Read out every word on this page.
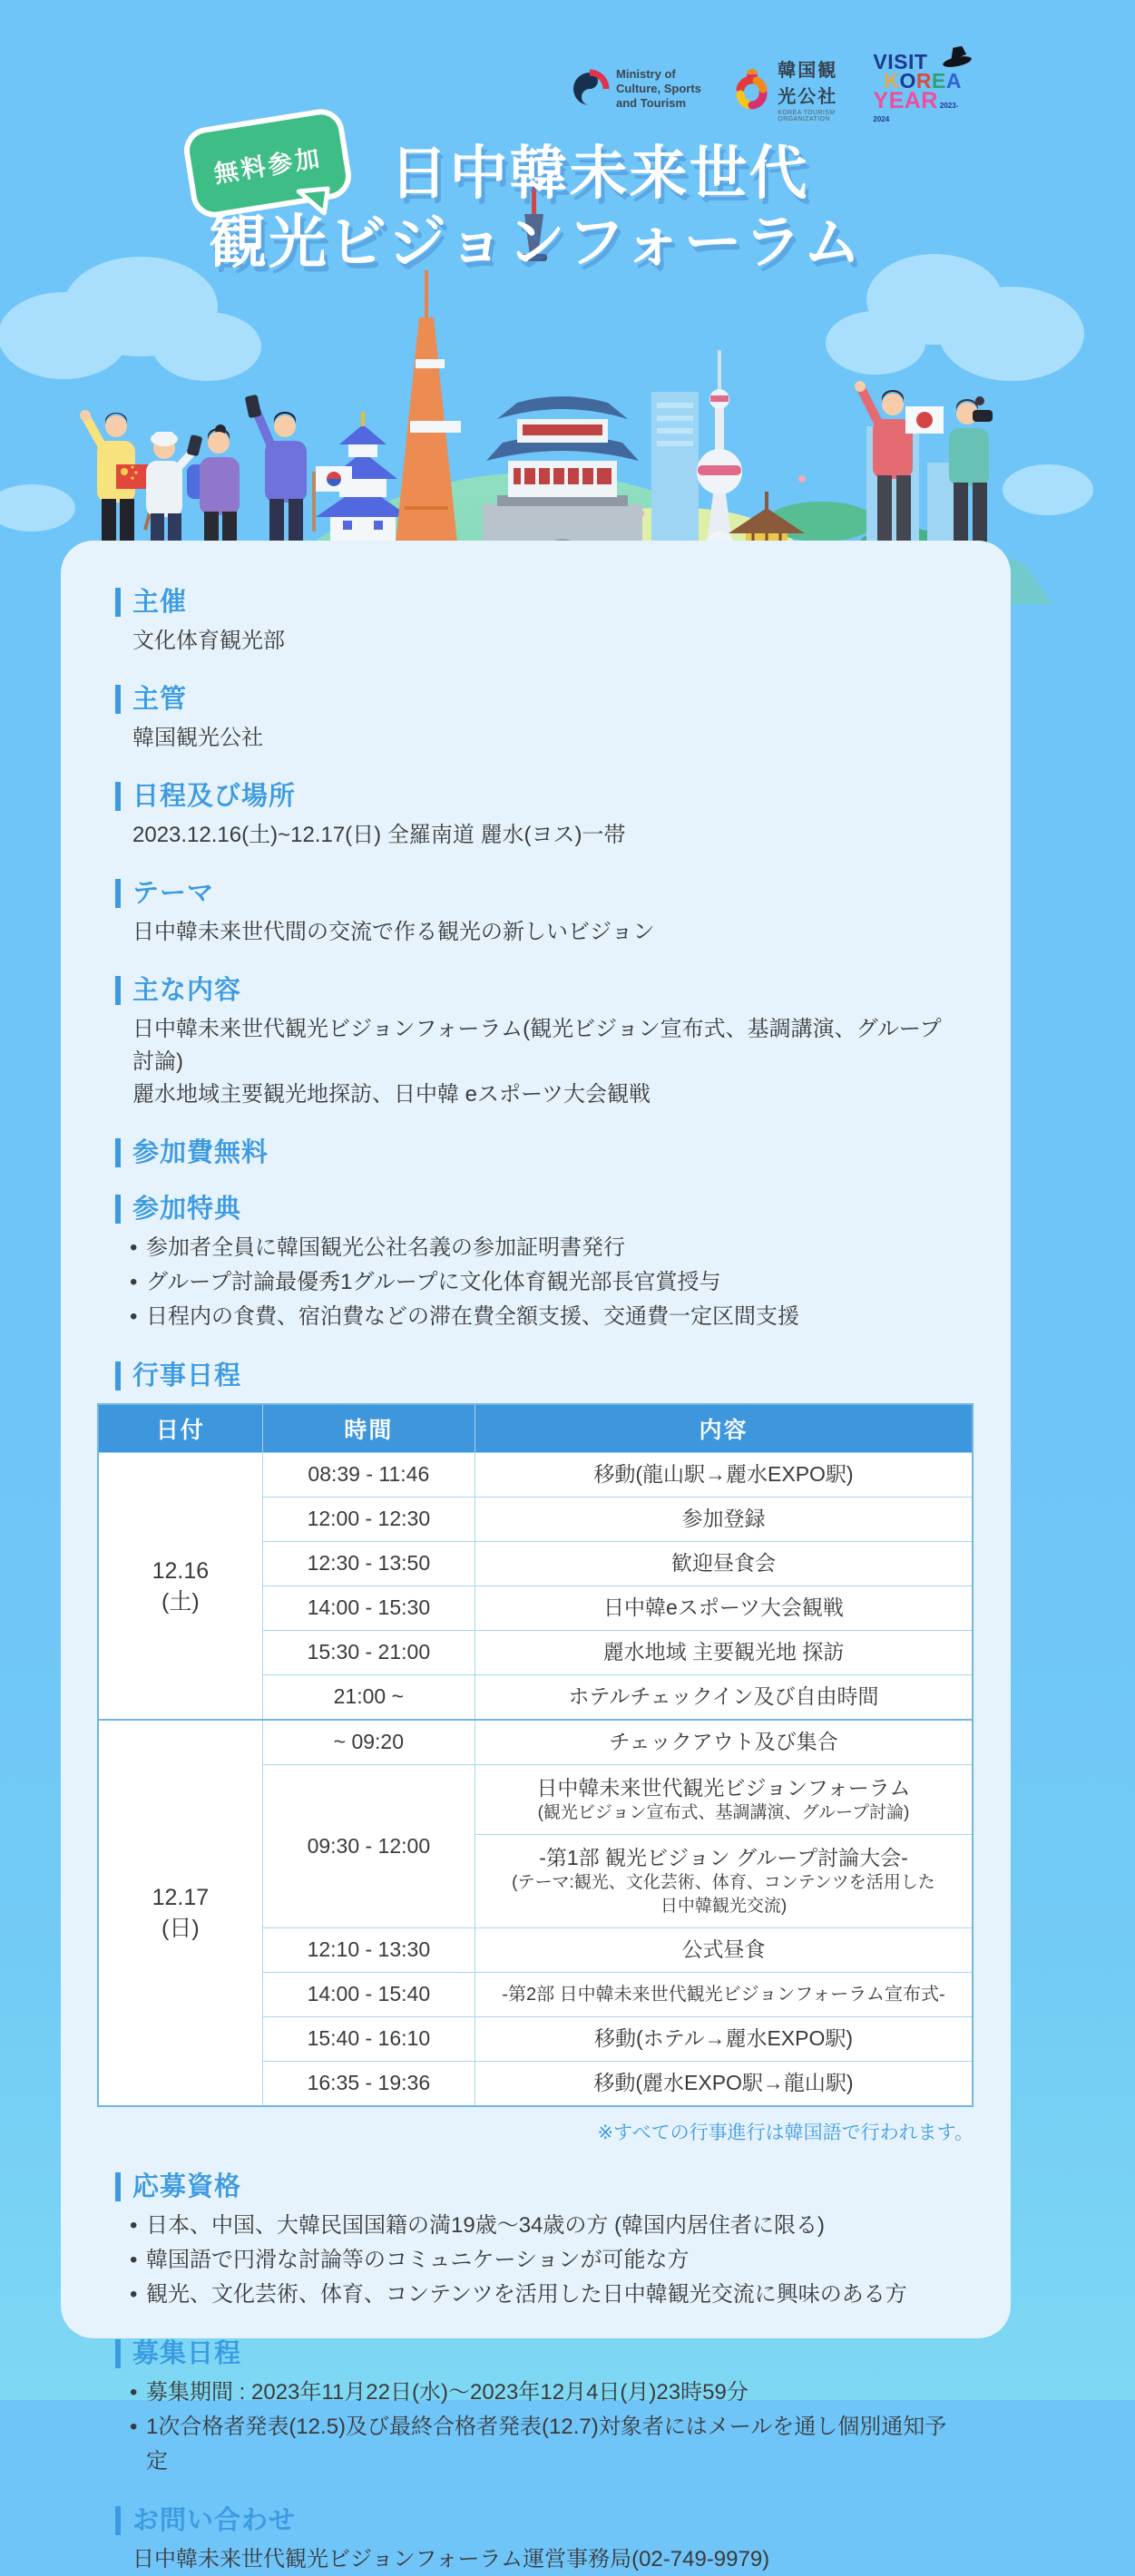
Ministry of Culture, Sports
and Tourism
韓国観光公社
KOREA TOURISM ORGANIZATION
VISIT
KOREA
YEAR 2023-2024
無料参加	日中韓未来世代
観光ビジョンフォーラム
主催
文化体育観光部
主管
韓国観光公社
日程及び場所
2023.12.16(土)~12.17(日) 全羅南道 麗水(ヨス)一帯
テーマ
日中韓未来世代間の交流で作る観光の新しいビジョン
主な内容
日中韓未来世代観光ビジョンフォーラム(観光ビジョン宣布式、基調講演、グループ討論)
麗水地域主要観光地探訪、日中韓 eスポーツ大会観戦
参加費無料
参加特典
• 参加者全員に韓国観光公社名義の参加証明書発行
• グループ討論最優秀1グループに文化体育観光部長官賞授与
• 日程内の食費、宿泊費などの滞在費全額支援、交通費一定区間支援
行事日程
日付	時間	内容

12.16
(土)	08:39 - 11:46	移動(龍山駅→麗水EXPO駅)
	12:00 - 12:30	参加登録
	12:30 - 13:50	歓迎昼食会
	14:00 - 15:30	日中韓eスポーツ大会観戦
	15:30 - 21:00	麗水地域 主要観光地 探訪
	21:00 ~	ホテルチェックイン及び自由時間

12.17
(日)	~ 09:20	チェックアウト及び集合
	09:30 - 12:00	日中韓未来世代観光ビジョンフォーラム
(観光ビジョン宣布式、基調講演、グループ討論)

		-第1部 観光ビジョン グループ討論大会-
(テーマ:観光、文化芸術、体育、コンテンツを活用した
日中韓観光交流)

	12:10 - 13:30	公式昼食
	14:00 - 15:40	-第2部 日中韓未来世代観光ビジョンフォーラム宣布式-
	15:40 - 16:10	移動(ホテル→麗水EXPO駅)
	16:35 - 19:36	移動(麗水EXPO駅→龍山駅)
※すべての行事進行は韓国語で行われます。
応募資格
• 日本、中国、大韓民国国籍の満19歳～34歳の方 (韓国内居住者に限る)
• 韓国語で円滑な討論等のコミュニケーションが可能な方
• 観光、文化芸術、体育、コンテンツを活用した日中韓観光交流に興味のある方
募集日程
• 募集期間 : 2023年11月22日(水)～2023年12月4日(月)23時59分
• 1次合格者発表(12.5)及び最終合格者発表(12.7)対象者にはメールを通し個別通知予定
お問い合わせ
日中韓未来世代観光ビジョンフォーラム運営事務局(02-749-9979)
